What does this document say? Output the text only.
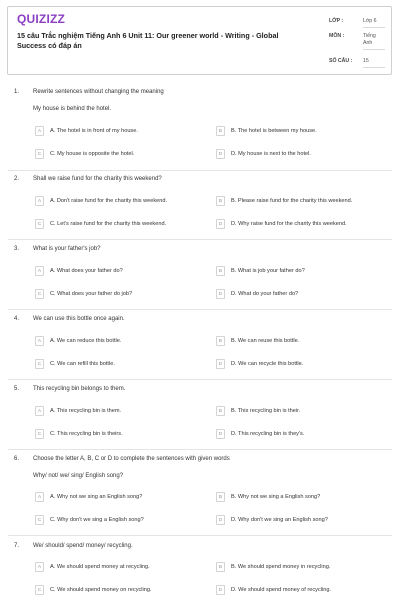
QUIZIZZ
15 câu Trắc nghiệm Tiếng Anh 6 Unit 11: Our greener world - Writing - Global Success có đáp án
LỚP :	Lớp 6
MÔN :	Tiếng Anh
SỐ CÂU : 15
1. Rewrite sentences without changing the meaning
My house is behind the hotel.
A	A. The hotel is in front of my house.	B	B. The hotel is between my house.
C	C. My house is opposite the hotel.	D	D. My house is next to the hotel.
2. Shall we raise fund for the charity this weekend?
A	A. Don't raise fund for the charity this weekend.	B	B. Please raise fund for the charity this weekend.
C	C. Let's raise fund for the charity this weekend.	D	D. Why raise fund for the charity this weekend.
3. What is your father's job?
A	A. What does your father do?	B	B. What is job your father do?
C	C. What does your father do job?	D	D. What do your father do?
4. We can use this bottle once again.
A	A. We can reduce this bottle.	B	B. We can reuse this bottle.
C	C. We can refill this bottle.	D	D. We can recycle this bottle.
5. This recycling bin belongs to them.
A	A. This recycling bin is them.	B	B. This recycling bin is their.
C	C. This recycling bin is theirs.	D	D. This recycling bin is they's.
6. Choose the letter A, B, C or D to complete the sentences with given words
Why/ not/ we/ sing/ English song?
A	A. Why not we sing an English song?	B	B. Why not we sing a English song?
C	C. Why don't we sing a English song?	D	D. Why don't we sing an English song?
7. We/ should/ spend/ money/ recycling.
A	A. We should spend money at recycling.	B	B. We should spend money in recycling.
C	C. We should spend money on recycling.	D	D. We should spend money of recycling.
